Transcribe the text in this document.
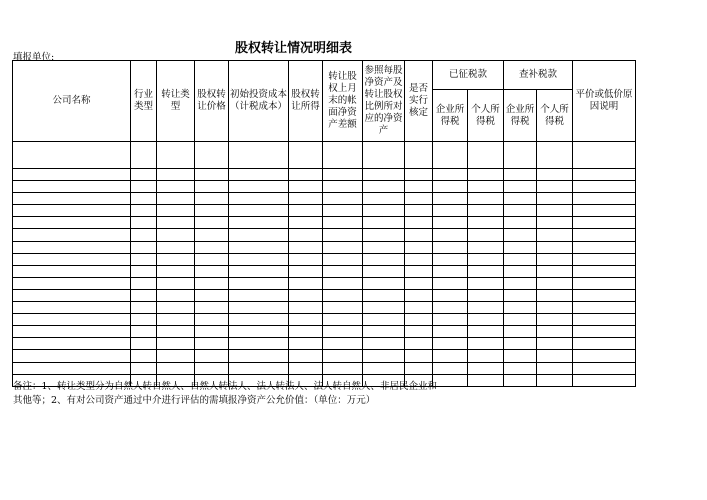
股权转让情况明细表
填报单位:
公司名称	行业类型	转让类型	股权转让价格	初始投资成本（计税成本）	股权转让所得	转让股权上月末的帐面净资产差额	参照每股净资产及转让股权比例所对应的净资产	是否实行核定	已征税款		查补税款		平价或低价原因说明
									企业所得税	个人所得税	企业所得税	个人所得税	

备注：1、转让类型分为自然人转自然人、自然人转法人、法人转法人、法人转自然人、非居民企业和
其他等；2、有对公司资产通过中介进行评估的需填报净资产公允价值：（单位：万元）
